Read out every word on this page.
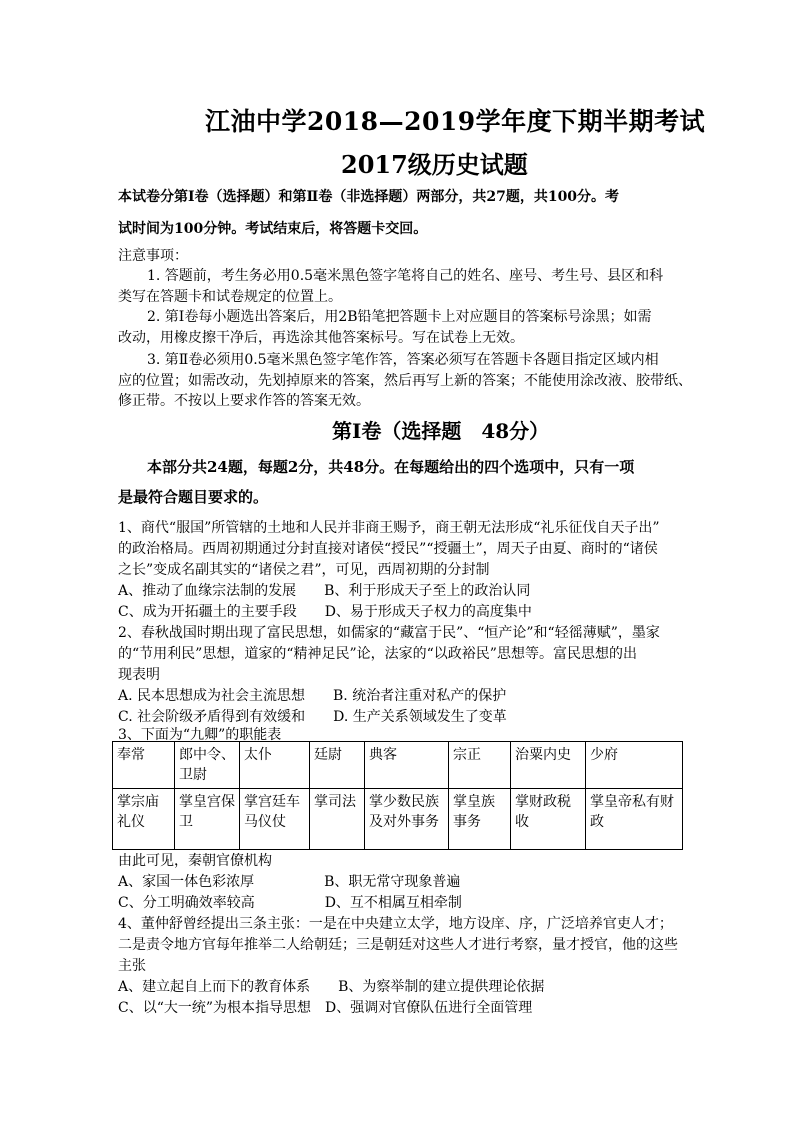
江油中学2018—2019学年度下期半期考试
2017级历史试题
本试卷分第Ⅰ卷（选择题）和第Ⅱ卷（非选择题）两部分，共27题，共100分。考
试时间为100分钟。考试结束后，将答题卡交回。
注意事项：
1. 答题前，考生务必用0.5毫米黑色签字笔将自己的姓名、座号、考生号、县区和科
类写在答题卡和试卷规定的位置上。
2. 第Ⅰ卷每小题选出答案后，用2B铅笔把答题卡上对应题目的答案标号涂黑；如需
改动，用橡皮擦干净后，再选涂其他答案标号。写在试卷上无效。
3. 第Ⅱ卷必须用0.5毫米黑色签字笔作答，答案必须写在答题卡各题目指定区域内相
应的位置；如需改动，先划掉原来的答案，然后再写上新的答案；不能使用涂改液、胶带纸、
修正带。不按以上要求作答的答案无效。
第Ⅰ卷（选择题　48分）
本部分共24题，每题2分，共48分。在每题给出的四个选项中，只有一项
是最符合题目要求的。
1、商代“服国”所管辖的土地和人民并非商王赐予，商王朝无法形成“礼乐征伐自天子出”
的政治格局。西周初期通过分封直接对诸侯“授民”“授疆土”，周天子由夏、商时的“诸侯
之长”变成名副其实的“诸侯之君”，可见，西周初期的分封制
A、推动了血缘宗法制的发展　　B、利于形成天子至上的政治认同
C、成为开拓疆土的主要手段　　D、易于形成天子权力的高度集中
2、春秋战国时期出现了富民思想，如儒家的“藏富于民”、“恒产论”和“轻徭薄赋”，墨家
的“节用利民”思想，道家的“精神足民”论，法家的“以政裕民”思想等。富民思想的出
现表明
A. 民本思想成为社会主流思想　　B. 统治者注重对私产的保护
C. 社会阶级矛盾得到有效缓和　　D. 生产关系领域发生了变革
3、下面为“九卿”的职能表
奉常	郎中令、卫尉	太仆	廷尉	典客	宗正	治粟内史	少府
掌宗庙礼仪	掌皇宫保卫	掌宫廷车马仪仗	掌司法	掌少数民族及对外事务	掌皇族事务	掌财政税收	掌皇帝私有财政
由此可见，秦朝官僚机构
A、家国一体色彩浓厚　　　　　B、职无常守现象普遍
C、分工明确效率较高　　　　　D、互不相属互相牵制
4、董仲舒曾经提出三条主张：一是在中央建立太学，地方设庠、序，广泛培养官吏人才；
二是责令地方官每年推举二人给朝廷；三是朝廷对这些人才进行考察，量才授官，他的这些
主张
A、建立起自上而下的教育体系　　B、为察举制的建立提供理论依据
C、以“大一统”为根本指导思想　D、强调对官僚队伍进行全面管理
